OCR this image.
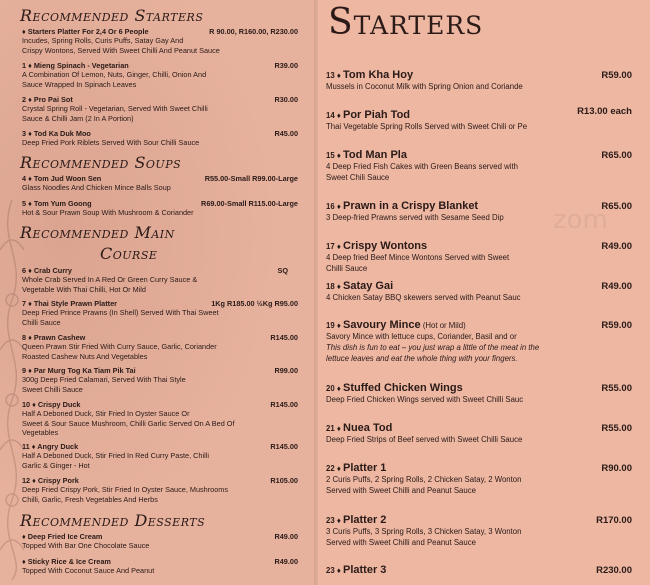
Recommended Starters
♦ Starters Platter For 2,4 Or 6 People	R 90.00, R160.00, R230.00
Incudes, Spring Rolls, Curis Puffs, Satay Gay And
Crispy Wontons, Served With Sweet Chilli And Peanut Sauce
1 ♦ Mieng Spinach - Vegetarian	R39.00
A Combination Of Lemon, Nuts, Ginger, Chilli, Onion And
Sauce Wrapped In Spinach Leaves
2 ♦ Pro Pai Sot	R30.00
Crystal Spring Roll - Vegetarian, Served With Sweet Chilli
Sauce & Chilli Jam (2 In A Portion)
3 ♦ Tod Ka Duk Moo	R45.00
Deep Fried Pork Riblets Served With Sour Chilli Sauce
Recommended Soups
4 ♦ Tom Jud Woon Sen	R55.00-Small R99.00-Large
Glass Noodles And Chicken Mince Balls Soup
5 ♦ Tom Yum Goong	R69.00-Small R115.00-Large
Hot & Sour Prawn Soup With Mushroom & Coriander
Recommended Main
Course
6 ♦ Crab Curry	SQ
Whole Crab Served In A Red Or Green Curry Sauce &
Vegetable With Thai Chilli, Hot Or Mild
7 ♦ Thai Style Prawn Platter	1Kg R185.00 ½Kg R95.00
Deep Fried Prince Prawns (In Shell) Served With Thai Sweet
Chilli Sauce
8 ♦ Prawn Cashew	R145.00
Queen Prawn Stir Fried With Curry Sauce, Garlic, Coriander
Roasted Cashew Nuts And Vegetables
9 ♦ Par Murg Tog Ka Tiam Pik Tai	R99.00
300g Deep Fried Calamari, Served With Thai Style
Sweet Chilli Sauce
10 ♦ Crispy Duck	R145.00
Half A Deboned Duck, Stir Fried In Oyster Sauce Or
Sweet & Sour Sauce Mushroom, Chilli Garlic Served On A Bed Of
Vegetables
11 ♦ Angry Duck	R145.00
Half A Deboned Duck, Stir Fried In Red Curry Paste, Chilli
Garlic & Ginger - Hot
12 ♦ Crispy Pork	R105.00
Deep Fried Crispy Pork, Stir Fried In Oyster Sauce, Mushrooms
Chilli, Garlic, Fresh Vegetables And Herbs
Recommended Desserts
♦ Deep Fried Ice Cream	R49.00
Topped With Bar One Chocolate Sauce
♦ Sticky Rice & Ice Cream	R49.00
Topped With Coconut Sauce And Peanut
Starters
zom
13 ♦ Tom Kha Hoy	R59.00
Mussels in Coconut Milk with Spring Onion and Coriande
14 ♦ Por Piah Tod	R13.00 each
Thai Vegetable Spring Rolls Served with Sweet Chili or Pe
15 ♦ Tod Man Pla	R65.00
4 Deep Fried Fish Cakes with Green Beans served with
Sweet Chili Sauce
16 ♦ Prawn in a Crispy Blanket	R65.00
3 Deep-fried Prawns served with Sesame Seed Dip
17 ♦ Crispy Wontons	R49.00
4 Deep fried Beef Mince Wontons Served with Sweet
Chilli Sauce
18 ♦ Satay Gai	R49.00
4 Chicken Satay BBQ skewers served with Peanut Sauc
19 ♦ Savoury Mince (Hot or Mild)	R59.00
Savory Mince with lettuce cups, Coriander, Basil and or
This dish is fun to eat – you just wrap a little of the meat in the
lettuce leaves and eat the whole thing with your fingers.
20 ♦ Stuffed Chicken Wings	R55.00
Deep Fried Chicken Wings served with Sweet Chilli Sauc
21 ♦ Nuea Tod	R55.00
Deep Fried Strips of Beef served with Sweet Chilli Sauce
22 ♦ Platter 1	R90.00
2 Curis Puffs, 2 Spring Rolls, 2 Chicken Satay, 2 Wonton
Served with Sweet Chilli and Peanut Sauce
23 ♦ Platter 2	R170.00
3 Curis Puffs, 3 Spring Rolls, 3 Chicken Satay, 3 Wonton
Served with Sweet Chilli and Peanut Sauce
23 ♦ Platter 3	R230.00
